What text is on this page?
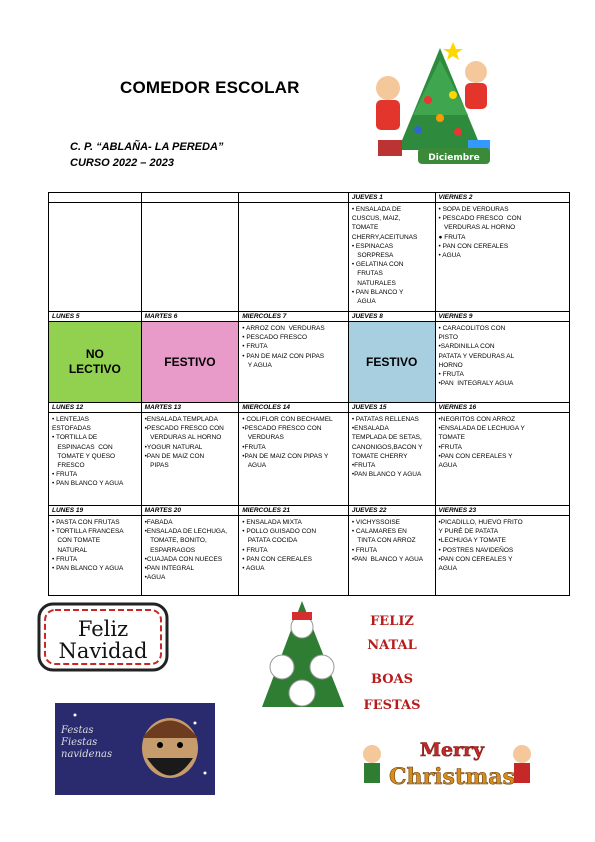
COMEDOR ESCOLAR
C. P. “ABLAÑA- LA PEREDA”
CURSO 2022 – 2023	Diciembre
JUEVES 1
• ENSALADA DE
CUSCUS, MAIZ,
TOMATE
CHERRY,ACEITUNAS
• ESPINACAS
SORPRESA
• GELATINA CON
FRUTAS
NATURALES
• PAN BLANCO Y
AGUA
VIERNES 2
• SOPA DE VERDURAS
• PESCADO FRESCO  CON
VERDURAS AL HORNO
● FRUTA
• PAN CON CEREALES
• AGUA
LUNES 5
NO
LECTIVO
MARTES 6
FESTIVO
MIERCOLES 7
• ARROZ CON  VERDURAS
• PESCADO FRESCO
• FRUTA
• PAN DE MAIZ CON PIPAS
Y AGUA
JUEVES 8
FESTIVO
VIERNES 9
• CARACOLITOS CON
PISTO
•SARDINILLA CON
PATATA Y VERDURAS AL
HORNO
• FRUTA
•PAN  INTEGRALY AGUA
LUNES 12
• LENTEJAS
ESTOFADAS
• TORTILLA DE
ESPINACAS  CON
TOMATE Y QUESO
FRESCO
• FRUTA
• PAN BLANCO Y AGUA
MARTES 13
•ENSALADA TEMPLADA
•PESCADO FRESCO CON
VERDURAS AL HORNO
•YOGUR NATURAL
•PAN DE MAIZ CON
PIPAS
MIERCOLES 14
• COLIFLOR CON BECHAMEL
•PESCADO FRESCO CON
VERDURAS
•FRUTA
•PAN DE MAIZ CON PIPAS Y
AGUA
JUEVES 15
• PATATAS RELLENAS
•ENSALADA
TEMPLADA DE SETAS,
CANONIGOS,BACON Y
TOMATE CHERRY
•FRUTA
•PAN BLANCO Y AGUA
VIERNES 16
•NEGRITOS CON ARROZ
•ENSALADA DE LECHUGA Y
TOMATE
•FRUTA
•PAN CON CEREALES Y
AGUA
LUNES 19
• PASTA CON FRUTAS
• TORTILLA FRANCESA
CON TOMATE
NATURAL
• FRUTA
• PAN BLANCO Y AGUA
MARTES 20
•FABADA
•ENSALADA DE LECHUGA,
TOMATE, BONITO,
ESPARRAGOS
•CUAJADA CON NUECES
•PAN INTEGRAL
•AGUA
MIERCOLES 21
• ENSALADA MIXTA
• POLLO GUISADO CON
PATATA COCIDA
• FRUTA
• PAN CON CEREALES
• AGUA
JUEVES 22
• VICHYSSOISE
• CALAMARES EN
TINTA CON ARROZ
• FRUTA
•PAN  BLANCO Y AGUA
VIERNES 23
•PICADILLO, HUEVO FRITO
Y PURÉ DE PATATA
•LECHUGA Y TOMATE
• POSTRES NAVIDEÑOS
•PAN CON CEREALES Y
AGUA
Feliz
Navidad
FELIZ
NATAL
BOAS
FESTAS
Festas
Fiestas
navidenas	Merry
Christmas
